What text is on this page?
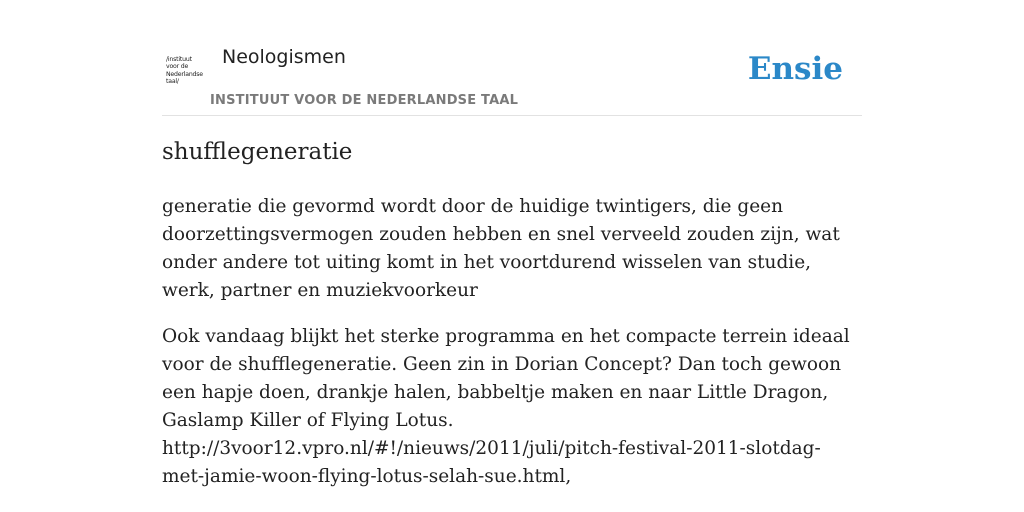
/instituut
voor de
Nederlandse
taal/
Neologismen
INSTITUUT VOOR DE NEDERLANDSE TAAL
Ensie
shufflegeneratie

generatie die gevormd wordt door de huidige twintigers, die geen doorzettingsvermogen zouden hebben en snel verveeld zouden zijn, wat onder andere tot uiting komt in het voortdurend wisselen van studie, werk, partner en muziekvoorkeur

Ook vandaag blijkt het sterke programma en het compacte terrein ideaal voor de shufflegeneratie. Geen zin in Dorian Concept? Dan toch gewoon een hapje doen, drankje halen, babbeltje maken en naar Little Dragon, Gaslamp Killer of Flying Lotus.
http://3voor12.vpro.nl/#!/nieuws/2011/juli/pitch-festival-2011-slotdag-met-jamie-woon-flying-lotus-selah-sue.html,
